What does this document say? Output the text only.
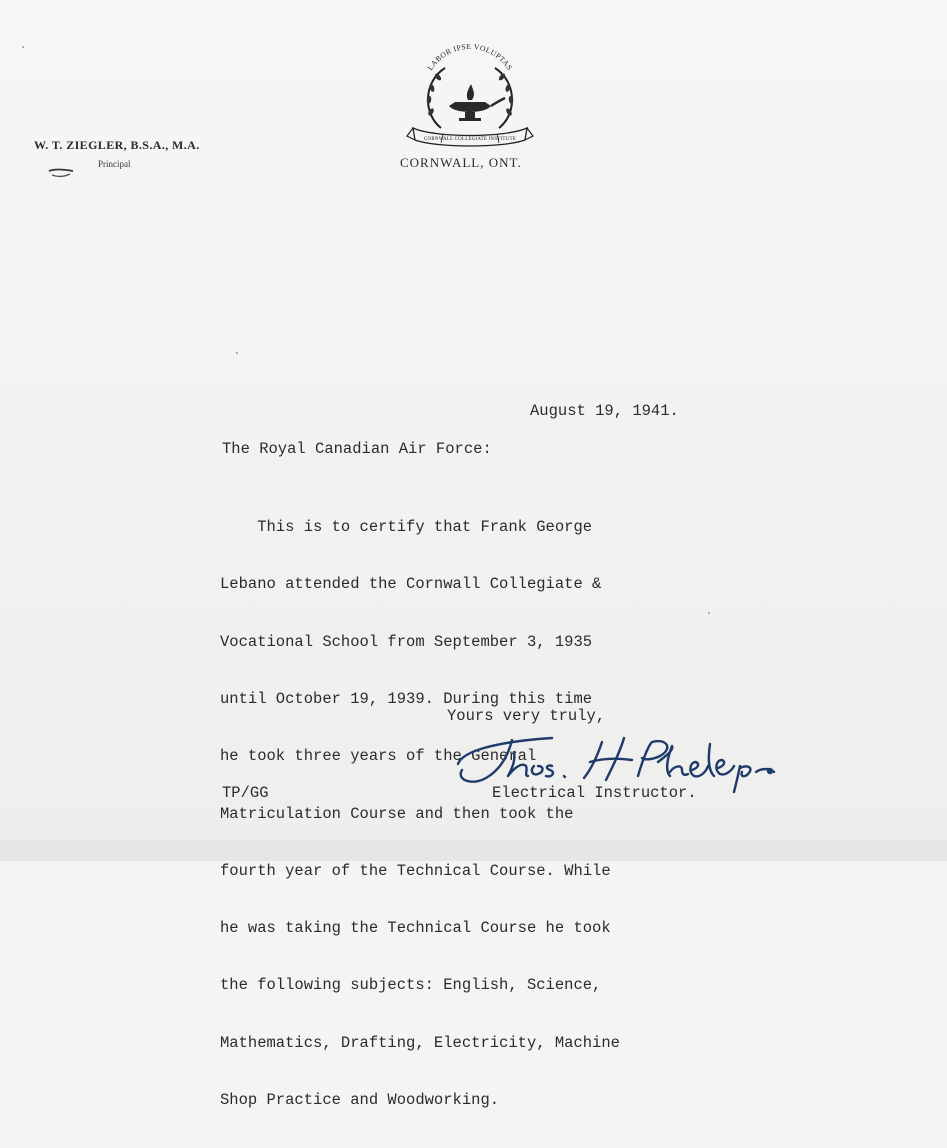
W. T. ZIEGLER, B.S.A., M.A.
Principal
LABOR IPSE VOLUPTAS
CORNWALL COLLEGIATE INSTITUTE
CORNWALL, ONT.
August 19, 1941.
The Royal Canadian Air Force:

This is to certify that Frank George

Lebano attended the Cornwall Collegiate &

Vocational School from September 3, 1935

until October 19, 1939. During this time

he took three years of the General

Matriculation Course and then took the

fourth year of the Technical Course. While

he was taking the Technical Course he took

the following subjects: English, Science,

Mathematics, Drafting, Electricity, Machine

Shop Practice and Woodworking.

Yours very truly,
Electrical Instructor.
TP/GG
